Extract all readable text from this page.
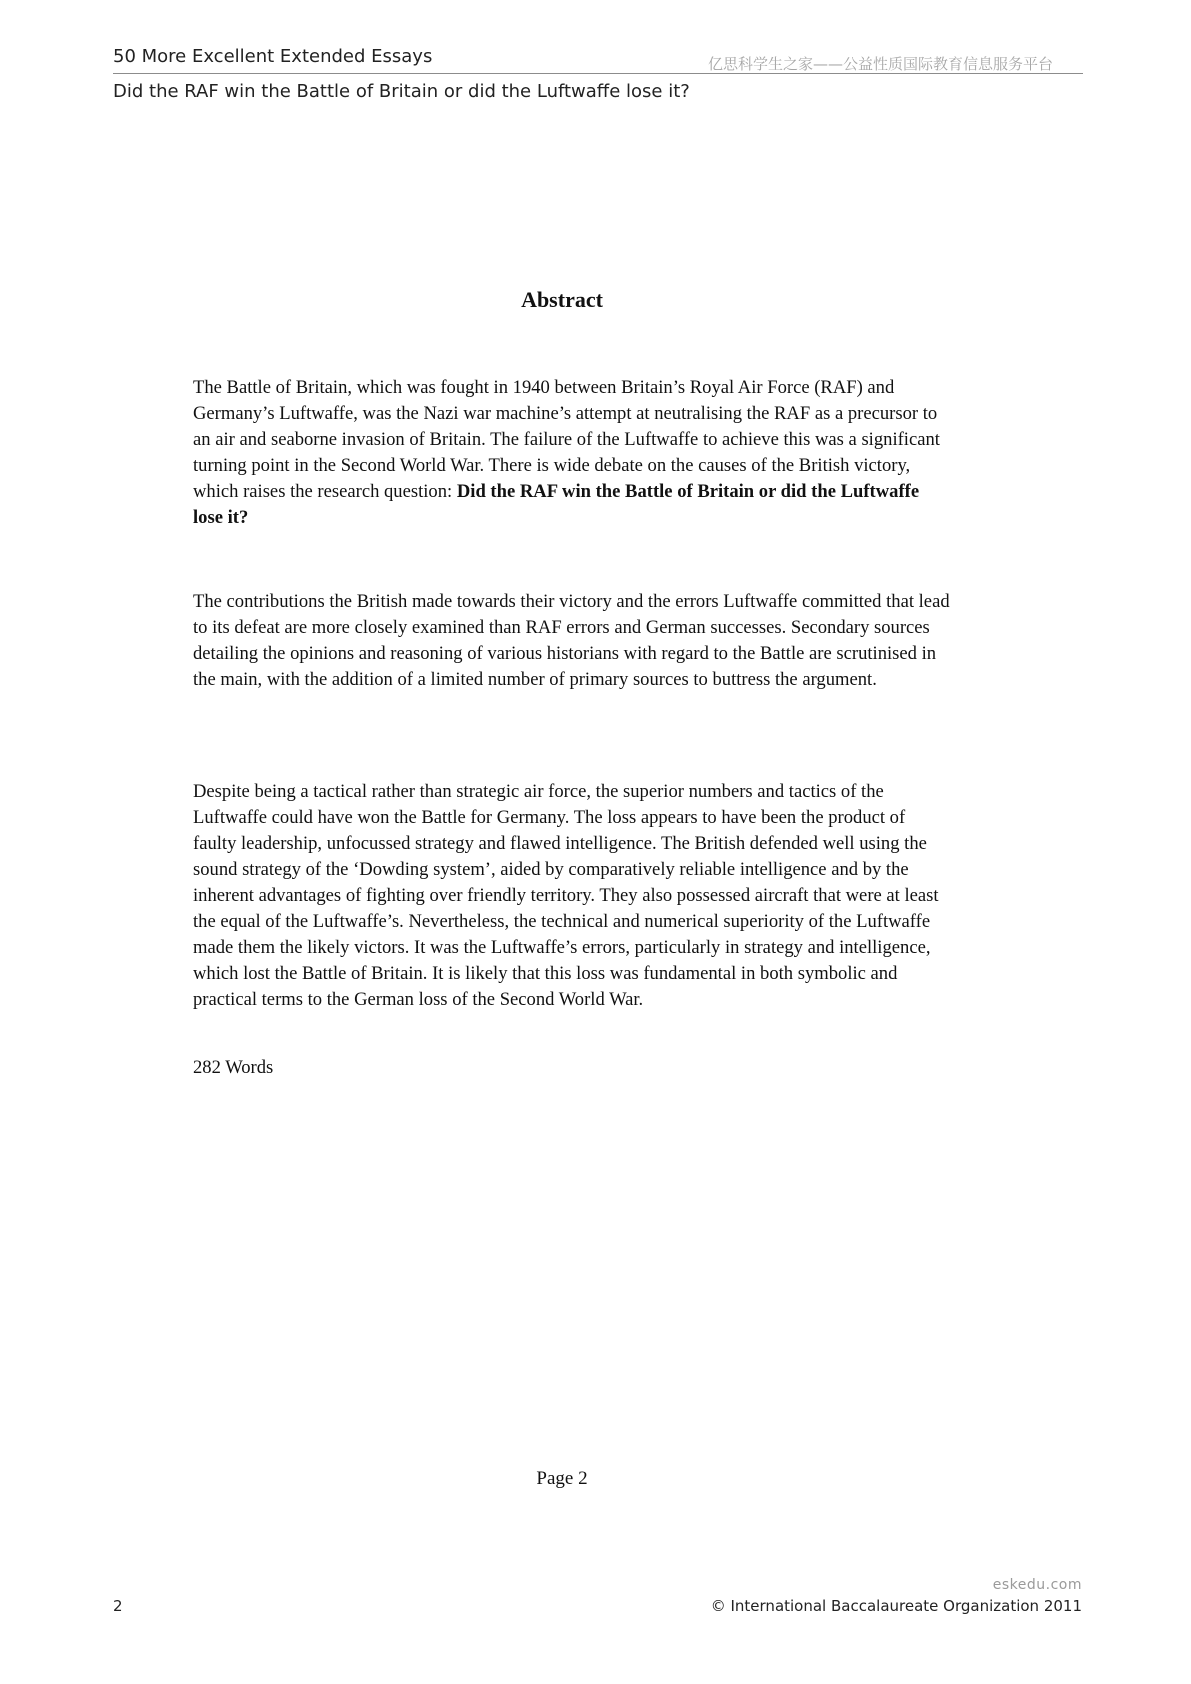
50 More Excellent Extended Essays	亿思科学生之家——公益性质国际教育信息服务平台
Did the RAF win the Battle of Britain or did the Luftwaffe lose it?
Abstract

The Battle of Britain, which was fought in 1940 between Britain’s Royal Air Force (RAF) and Germany’s Luftwaffe, was the Nazi war machine’s attempt at neutralising the RAF as a precursor to an air and seaborne invasion of Britain. The failure of the Luftwaffe to achieve this was a significant turning point in the Second World War. There is wide debate on the causes of the British victory, which raises the research question: Did the RAF win the Battle of Britain or did the Luftwaffe lose it?

The contributions the British made towards their victory and the errors Luftwaffe committed that lead to its defeat are more closely examined than RAF errors and German successes. Secondary sources detailing the opinions and reasoning of various historians with regard to the Battle are scrutinised in the main, with the addition of a limited number of primary sources to buttress the argument.

Despite being a tactical rather than strategic air force, the superior numbers and tactics of the Luftwaffe could have won the Battle for Germany. The loss appears to have been the product of faulty leadership, unfocussed strategy and flawed intelligence. The British defended well using the sound strategy of the ‘Dowding system’, aided by comparatively reliable intelligence and by the inherent advantages of fighting over friendly territory. They also possessed aircraft that were at least the equal of the Luftwaffe’s. Nevertheless, the technical and numerical superiority of the Luftwaffe made them the likely victors. It was the Luftwaffe’s errors, particularly in strategy and intelligence, which lost the Battle of Britain. It is likely that this loss was fundamental in both symbolic and practical terms to the German loss of the Second World War.

282 Words

Page 2
eskedu.com
2	© International Baccalaureate Organization 2011
